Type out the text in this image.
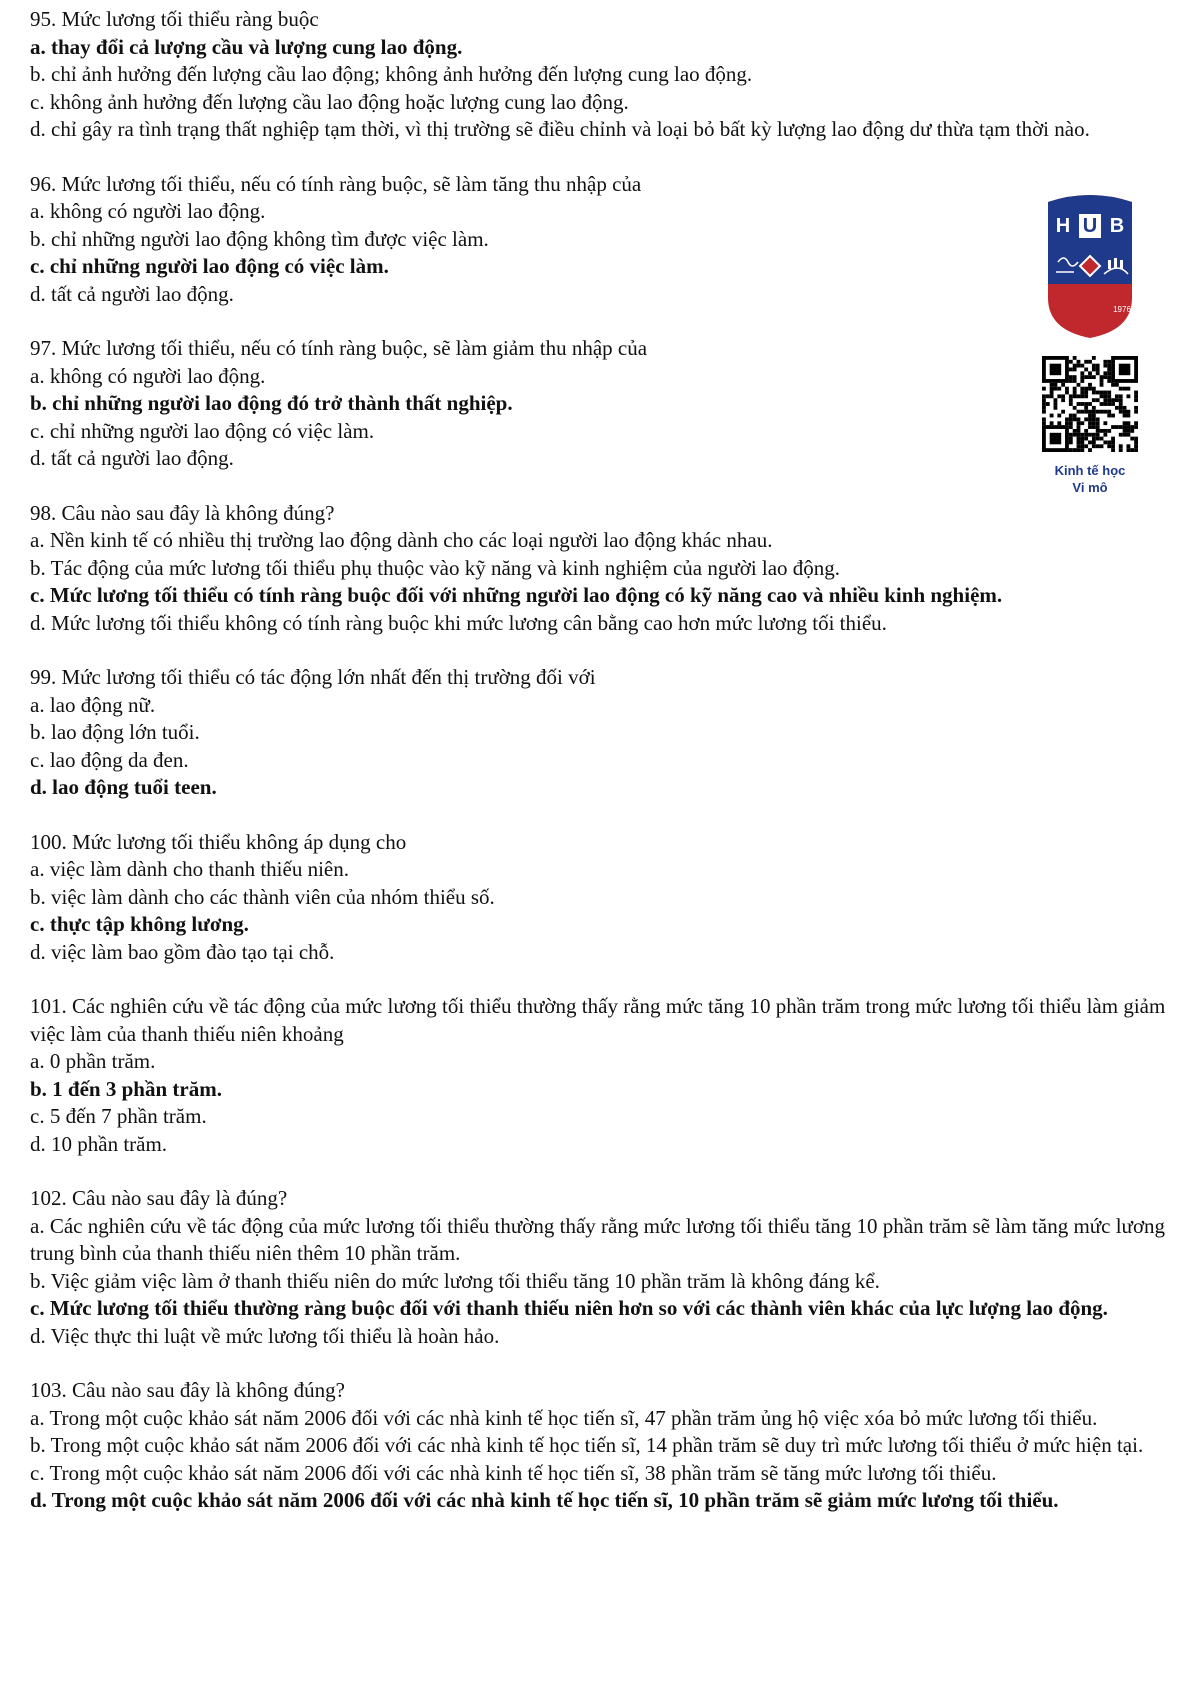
95. Mức lương tối thiểu ràng buộc
a. thay đổi cả lượng cầu và lượng cung lao động.
b. chỉ ảnh hưởng đến lượng cầu lao động; không ảnh hưởng đến lượng cung lao động.
c. không ảnh hưởng đến lượng cầu lao động hoặc lượng cung lao động.
d. chỉ gây ra tình trạng thất nghiệp tạm thời, vì thị trường sẽ điều chỉnh và loại bỏ bất kỳ lượng lao động dư thừa tạm thời nào.
96. Mức lương tối thiểu, nếu có tính ràng buộc, sẽ làm tăng thu nhập của
a. không có người lao động.
b. chỉ những người lao động không tìm được việc làm.
c. chỉ những người lao động có việc làm.
d. tất cả người lao động.
97. Mức lương tối thiểu, nếu có tính ràng buộc, sẽ làm giảm thu nhập của
a. không có người lao động.
b. chỉ những người lao động đó trở thành thất nghiệp.
c. chỉ những người lao động có việc làm.
d. tất cả người lao động.
98. Câu nào sau đây là không đúng?
a. Nền kinh tế có nhiều thị trường lao động dành cho các loại người lao động khác nhau.
b. Tác động của mức lương tối thiểu phụ thuộc vào kỹ năng và kinh nghiệm của người lao động.
c. Mức lương tối thiểu có tính ràng buộc đối với những người lao động có kỹ năng cao và nhiều kinh nghiệm.
d. Mức lương tối thiểu không có tính ràng buộc khi mức lương cân bằng cao hơn mức lương tối thiểu.
99. Mức lương tối thiểu có tác động lớn nhất đến thị trường đối với
a. lao động nữ.
b. lao động lớn tuổi.
c. lao động da đen.
d. lao động tuổi teen.
100. Mức lương tối thiểu không áp dụng cho
a. việc làm dành cho thanh thiếu niên.
b. việc làm dành cho các thành viên của nhóm thiểu số.
c. thực tập không lương.
d. việc làm bao gồm đào tạo tại chỗ.
101. Các nghiên cứu về tác động của mức lương tối thiểu thường thấy rằng mức tăng 10 phần trăm trong mức lương tối thiểu làm giảm việc làm của thanh thiếu niên khoảng
a. 0 phần trăm.
b. 1 đến 3 phần trăm.
c. 5 đến 7 phần trăm.
d. 10 phần trăm.
102. Câu nào sau đây là đúng?
a. Các nghiên cứu về tác động của mức lương tối thiểu thường thấy rằng mức lương tối thiểu tăng 10 phần trăm sẽ làm tăng mức lương trung bình của thanh thiếu niên thêm 10 phần trăm.
b. Việc giảm việc làm ở thanh thiếu niên do mức lương tối thiểu tăng 10 phần trăm là không đáng kể.
c. Mức lương tối thiểu thường ràng buộc đối với thanh thiếu niên hơn so với các thành viên khác của lực lượng lao động.
d. Việc thực thi luật về mức lương tối thiểu là hoàn hảo.
103. Câu nào sau đây là không đúng?
a. Trong một cuộc khảo sát năm 2006 đối với các nhà kinh tế học tiến sĩ, 47 phần trăm ủng hộ việc xóa bỏ mức lương tối thiểu.
b. Trong một cuộc khảo sát năm 2006 đối với các nhà kinh tế học tiến sĩ, 14 phần trăm sẽ duy trì mức lương tối thiểu ở mức hiện tại.
c. Trong một cuộc khảo sát năm 2006 đối với các nhà kinh tế học tiến sĩ, 38 phần trăm sẽ tăng mức lương tối thiểu.
d. Trong một cuộc khảo sát năm 2006 đối với các nhà kinh tế học tiến sĩ, 10 phần trăm sẽ giảm mức lương tối thiểu.
H U B
1976
Kinh tế học
Vi mô
